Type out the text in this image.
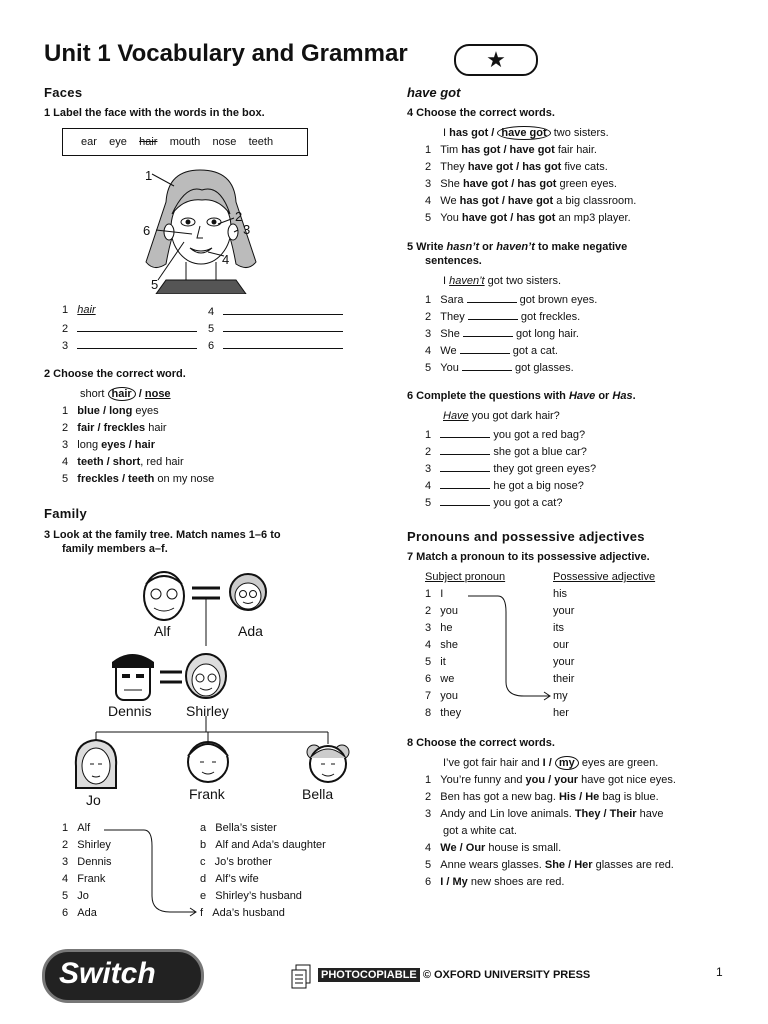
Unit 1 Vocabulary and Grammar	★
Faces
1 Label the face with the words in the box.
ear eye hair mouth nose teeth
1
2
3
4
5
6
1 hair
2
3
4
5
6
2 Choose the correct word.
short hair / nose
1 blue / long eyes
2 fair / freckles hair
3 long eyes / hair
4 teeth / short, red hair
5 freckles / teeth on my nose
Family
3 Look at the family tree. Match names 1–6 to
family members a–f.
Alf	Ada
Dennis Shirley
Jo	Frank	Bella
1 Alf
2 Shirley
3 Dennis
4 Frank
5 Jo
6 Ada
a Bella’s sister
b Alf and Ada’s daughter
c Jo’s brother
d Alf’s wife
e Shirley’s husband
f Ada’s husband
have got
4 Choose the correct words.
I has got / have got two sisters.
1 Tim has got / have got fair hair.
2 They have got / has got five cats.
3 She have got / has got green eyes.
4 We has got / have got a big classroom.
5 You have got / has got an mp3 player.
5 Write hasn’t or haven’t to make negative
sentences.
I haven’t got two sisters.
1 Sara	got brown eyes.
2 They	got freckles.
3 She	got long hair.
4 We	got a cat.
5 You	got glasses.
6 Complete the questions with Have or Has.
Have you got dark hair?
1	you got a red bag?
2	she got a blue car?
3	they got green eyes?
4	he got a big nose?
5	you got a cat?
Pronouns and possessive adjectives
7 Match a pronoun to its possessive adjective.
Subject pronoun	Possessive adjective
1 I	his
2 you	your
3 he	its
4 she	our
5 it	your
6 we	their
7 you	my
8 they	her
8 Choose the correct words.
I’ve got fair hair and I / my eyes are green.
1 You’re funny and you / your have got nice eyes.
2 Ben has got a new bag. His / He bag is blue.
3 Andy and Lin love animals. They / Their have
got a white cat.
4 We / Our house is small.
5 Anne wears glasses. She / Her glasses are red.
6 I / My new shoes are red.
Switch	PHOTOCOPIABLE © OXFORD UNIVERSITY PRESS	1
